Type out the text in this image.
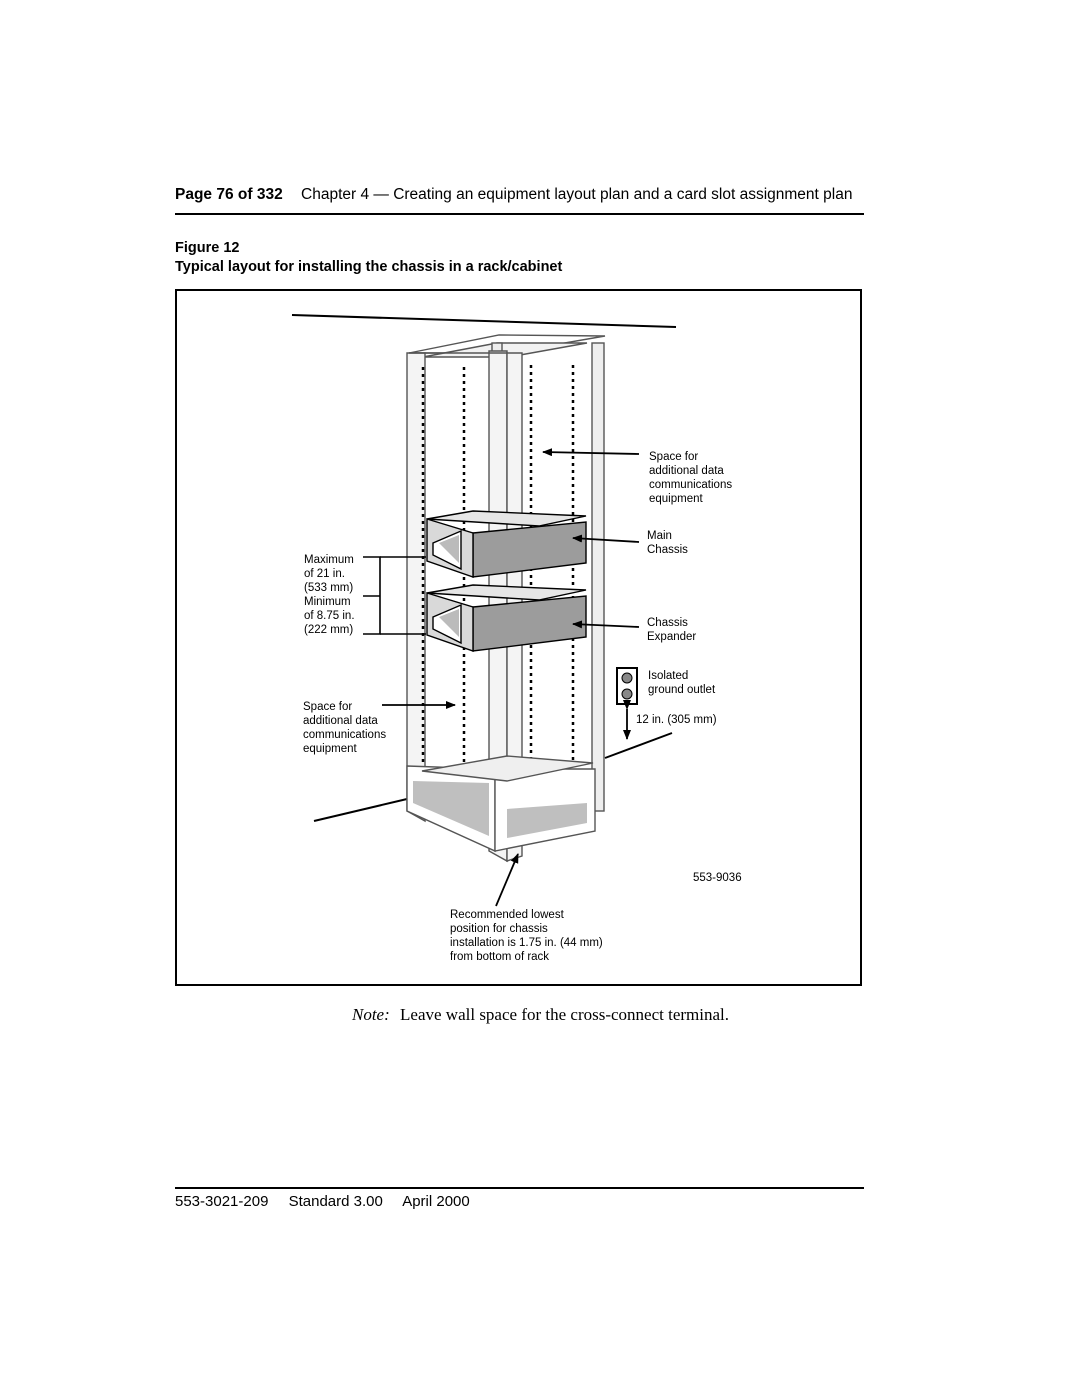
Page 76 of 332 Chapter 4 — Creating an equipment layout plan and a card slot assignment plan
Figure 12
Typical layout for installing the chassis in a rack/cabinet
Space for additional data communications equipment
Main Chassis
Chassis Expander
Isolated ground outlet
12 in. (305 mm)
Maximum of 21 in. (533 mm) Minimum of 8.75 in. (222 mm)
Space for additional data communications equipment
553-9036
Recommended lowest position for chassis installation is 1.75 in. (44 mm) from bottom of rack
Note: Leave wall space for the cross-connect terminal.
553-3021-209 Standard 3.00 April 2000
